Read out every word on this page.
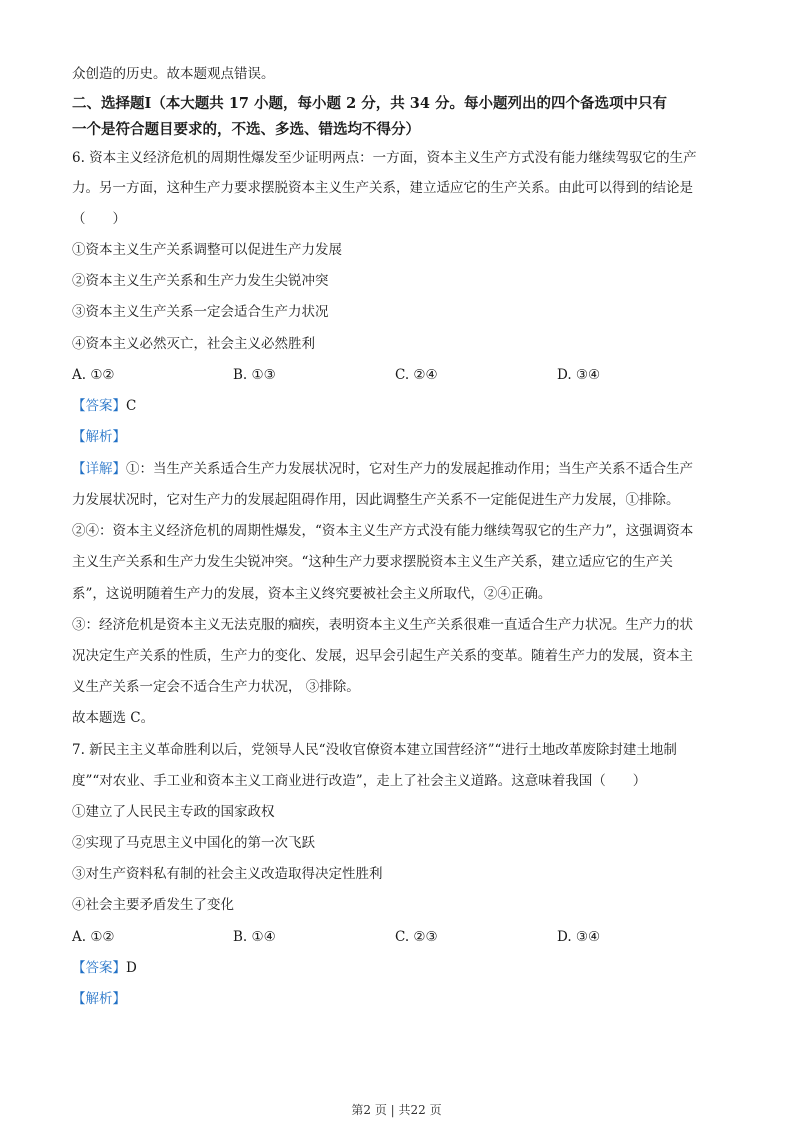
众创造的历史。故本题观点错误。
二、选择题Ⅰ（本大题共 17 小题，每小题 2 分，共 34 分。每小题列出的四个备选项中只有
一个是符合题目要求的，不选、多选、错选均不得分）
6. 资本主义经济危机的周期性爆发至少证明两点：一方面，资本主义生产方式没有能力继续驾驭它的生产
力。另一方面，这种生产力要求摆脱资本主义生产关系，建立适应它的生产关系。由此可以得到的结论是
（　　）
①资本主义生产关系调整可以促进生产力发展
②资本主义生产关系和生产力发生尖锐冲突
③资本主义生产关系一定会适合生产力状况
④资本主义必然灭亡，社会主义必然胜利
A. ①②	B. ①③	C. ②④	D. ③④
【答案】C
【解析】
【详解】①：当生产关系适合生产力发展状况时，它对生产力的发展起推动作用；当生产关系不适合生产
力发展状况时，它对生产力的发展起阻碍作用，因此调整生产关系不一定能促进生产力发展，①排除。
②④：资本主义经济危机的周期性爆发，“资本主义生产方式没有能力继续驾驭它的生产力”，这强调资本
主义生产关系和生产力发生尖锐冲突。“这种生产力要求摆脱资本主义生产关系，建立适应它的生产关
系”，这说明随着生产力的发展，资本主义终究要被社会主义所取代，②④正确。
③：经济危机是资本主义无法克服的痼疾，表明资本主义生产关系很难一直适合生产力状况。生产力的状
况决定生产关系的性质，生产力的变化、发展，迟早会引起生产关系的变革。随着生产力的发展，资本主
义生产关系一定会不适合生产力状况， ③排除。
故本题选 C。
7. 新民主主义革命胜利以后，党领导人民“没收官僚资本建立国营经济”“进行土地改革废除封建土地制
度”“对农业、手工业和资本主义工商业进行改造”，走上了社会主义道路。这意味着我国（　　）
①建立了人民民主专政的国家政权
②实现了马克思主义中国化的第一次飞跃
③对生产资料私有制的社会主义改造取得决定性胜利
④社会主要矛盾发生了变化
A. ①②	B. ①④	C. ②③	D. ③④
【答案】D
【解析】
第2 页 | 共22 页
